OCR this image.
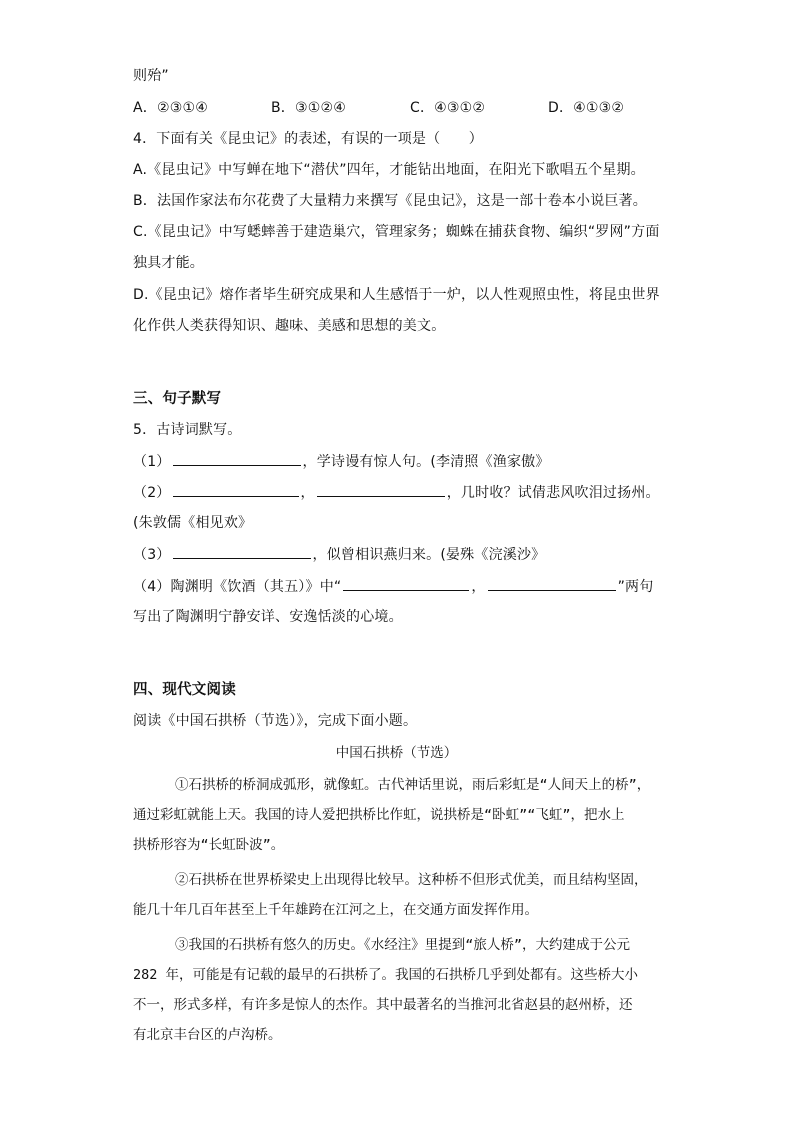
则殆”
A．②③①④	B．③①②④	C．④③①②	D．④①③②
4．下面有关《昆虫记》的表述，有误的一项是（　　）
A.《昆虫记》中写蝉在地下“潜伏”四年，才能钻出地面，在阳光下歌唱五个星期。
B．法国作家法布尔花费了大量精力来撰写《昆虫记》，这是一部十卷本小说巨著。
C.《昆虫记》中写蟋蟀善于建造巢穴，管理家务；蜘蛛在捕获食物、编织“罗网”方面
独具才能。
D.《昆虫记》熔作者毕生研究成果和人生感悟于一炉，以人性观照虫性，将昆虫世界
化作供人类获得知识、趣味、美感和思想的美文。
三、句子默写
5．古诗词默写。
（1）	，学诗谩有惊人句。(李清照《渔家傲》
（2）	，	，几时收？试倩悲风吹泪过扬州。
(朱敦儒《相见欢》
（3）	，似曾相识燕归来。(晏殊《浣溪沙》
（4）陶渊明《饮酒（其五）》中“	，	”两句
写出了陶渊明宁静安详、安逸恬淡的心境。
四、现代文阅读
阅读《中国石拱桥（节选）》，完成下面小题。
中国石拱桥（节选）
①石拱桥的桥洞成弧形，就像虹。古代神话里说，雨后彩虹是“人间天上的桥”，
通过彩虹就能上天。我国的诗人爱把拱桥比作虹，说拱桥是“卧虹”“飞虹”，把水上
拱桥形容为“长虹卧波”。
②石拱桥在世界桥梁史上出现得比较早。这种桥不但形式优美，而且结构坚固，
能几十年几百年甚至上千年雄跨在江河之上，在交通方面发挥作用。
③我国的石拱桥有悠久的历史。《水经注》里提到“旅人桥”，大约建成于公元
282 年，可能是有记载的最早的石拱桥了。我国的石拱桥几乎到处都有。这些桥大小
不一，形式多样，有许多是惊人的杰作。其中最著名的当推河北省赵县的赵州桥，还
有北京丰台区的卢沟桥。
